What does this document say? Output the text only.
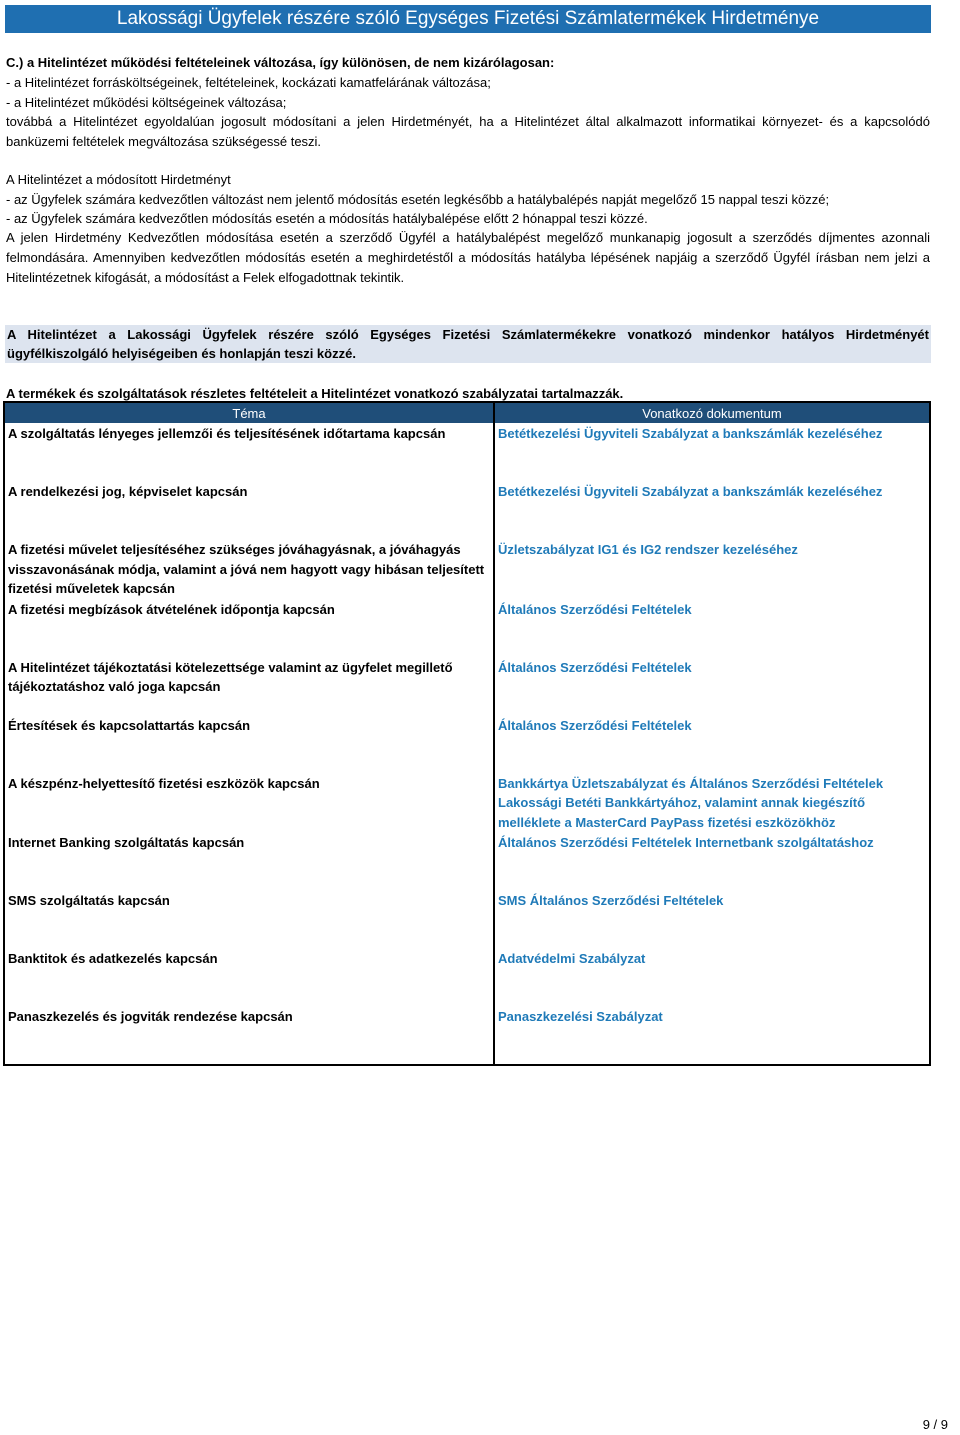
Lakossági Ügyfelek részére szóló Egységes Fizetési Számlatermékek Hirdetménye
C.) a Hitelintézet működési feltételeinek változása, így különösen, de nem kizárólagosan:
- a Hitelintézet forrásköltségeinek, feltételeinek, kockázati kamatfelárának változása;
- a Hitelintézet működési költségeinek változása;
továbbá a Hitelintézet egyoldalúan jogosult módosítani a jelen Hirdetményét, ha a Hitelintézet által alkalmazott informatikai környezet- és a kapcsolódó banküzemi feltételek megváltozása szükségessé teszi.
A Hitelintézet a módosított Hirdetményt
- az Ügyfelek számára kedvezőtlen változást nem jelentő módosítás esetén legkésőbb a hatálybalépés napját megelőző 15 nappal teszi közzé;
- az Ügyfelek számára kedvezőtlen módosítás esetén a módosítás hatálybalépése előtt 2 hónappal teszi közzé.
A jelen Hirdetmény Kedvezőtlen módosítása esetén a szerződő Ügyfél a hatálybalépést megelőző munkanapig jogosult a szerződés díjmentes azonnali felmondására. Amennyiben kedvezőtlen módosítás esetén a meghirdetéstől a módosítás hatályba lépésének napjáig a szerződő Ügyfél írásban nem jelzi a Hitelintézetnek kifogását, a módosítást a Felek elfogadottnak tekintik.

A Hitelintézet a Lakossági Ügyfelek részére szóló Egységes Fizetési Számlatermékekre vonatkozó mindenkor hatályos Hirdetményét ügyfélkiszolgáló helyiségeiben és honlapján teszi közzé.

A termékek és szolgáltatások részletes feltételeit a Hitelintézet vonatkozó szabályzatai tartalmazzák.
Téma	Vonatkozó dokumentum
A szolgáltatás lényeges jellemzői és teljesítésének időtartama kapcsán	Betétkezelési Ügyviteli Szabályzat a bankszámlák kezeléséhez
A rendelkezési jog, képviselet kapcsán	Betétkezelési Ügyviteli Szabályzat a bankszámlák kezeléséhez
A fizetési művelet teljesítéséhez szükséges jóváhagyásnak, a jóváhagyás visszavonásának módja, valamint a jóvá nem hagyott vagy hibásan teljesített fizetési műveletek kapcsán	Üzletszabályzat IG1 és IG2 rendszer kezeléséhez
A fizetési megbízások átvételének időpontja kapcsán	Általános Szerződési Feltételek
A Hitelintézet tájékoztatási kötelezettsége valamint az ügyfelet megillető tájékoztatáshoz való joga kapcsán	Általános Szerződési Feltételek
Értesítések és kapcsolattartás kapcsán	Általános Szerződési Feltételek
A készpénz-helyettesítő fizetési eszközök kapcsán	Bankkártya Üzletszabályzat és Általános Szerződési Feltételek Lakossági Betéti Bankkártyához, valamint annak kiegészítő melléklete a MasterCard PayPass fizetési eszközökhöz
Internet Banking szolgáltatás kapcsán	Általános Szerződési Feltételek Internetbank szolgáltatáshoz
SMS szolgáltatás kapcsán	SMS Általános Szerződési Feltételek
Banktitok és adatkezelés kapcsán	Adatvédelmi Szabályzat
Panaszkezelés és jogviták rendezése kapcsán	Panaszkezelési Szabályzat
9 / 9
